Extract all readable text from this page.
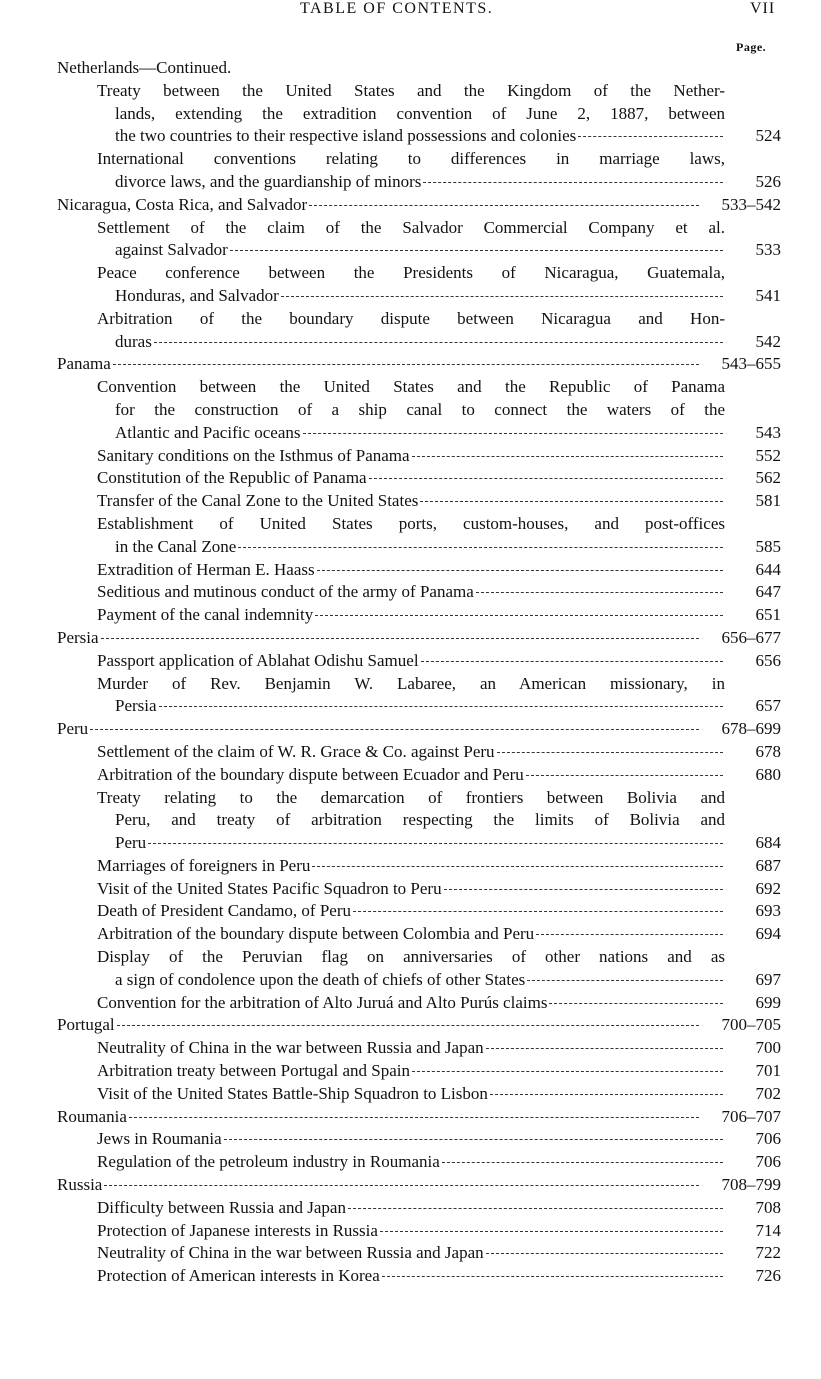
TABLE OF CONTENTS.	VII
Page.
Netherlands—Continued.
Treaty between the United States and the Kingdom of the Nether-
lands, extending the extradition convention of June 2, 1887, between
the two countries to their respective island possessions and colonies	524
International conventions relating to differences in marriage laws,
divorce laws, and the guardianship of minors	526
Nicaragua, Costa Rica, and Salvador	533–542
Settlement of the claim of the Salvador Commercial Company et al.
against Salvador	533
Peace conference between the Presidents of Nicaragua, Guatemala,
Honduras, and Salvador	541
Arbitration of the boundary dispute between Nicaragua and Hon-
duras	542
Panama	543–655
Convention between the United States and the Republic of Panama
for the construction of a ship canal to connect the waters of the
Atlantic and Pacific oceans	543
Sanitary conditions on the Isthmus of Panama	552
Constitution of the Republic of Panama	562
Transfer of the Canal Zone to the United States	581
Establishment of United States ports, custom-houses, and post-offices
in the Canal Zone	585
Extradition of Herman E. Haass	644
Seditious and mutinous conduct of the army of Panama	647
Payment of the canal indemnity	651
Persia	656–677
Passport application of Ablahat Odishu Samuel	656
Murder of Rev. Benjamin W. Labaree, an American missionary, in
Persia	657
Peru	678–699
Settlement of the claim of W. R. Grace & Co. against Peru	678
Arbitration of the boundary dispute between Ecuador and Peru	680
Treaty relating to the demarcation of frontiers between Bolivia and
Peru, and treaty of arbitration respecting the limits of Bolivia and
Peru	684
Marriages of foreigners in Peru	687
Visit of the United States Pacific Squadron to Peru	692
Death of President Candamo, of Peru	693
Arbitration of the boundary dispute between Colombia and Peru	694
Display of the Peruvian flag on anniversaries of other nations and as
a sign of condolence upon the death of chiefs of other States	697
Convention for the arbitration of Alto Juruá and Alto Purús claims	699
Portugal	700–705
Neutrality of China in the war between Russia and Japan	700
Arbitration treaty between Portugal and Spain	701
Visit of the United States Battle-Ship Squadron to Lisbon	702
Roumania	706–707
Jews in Roumania	706
Regulation of the petroleum industry in Roumania	706
Russia	708–799
Difficulty between Russia and Japan	708
Protection of Japanese interests in Russia	714
Neutrality of China in the war between Russia and Japan	722
Protection of American interests in Korea	726
